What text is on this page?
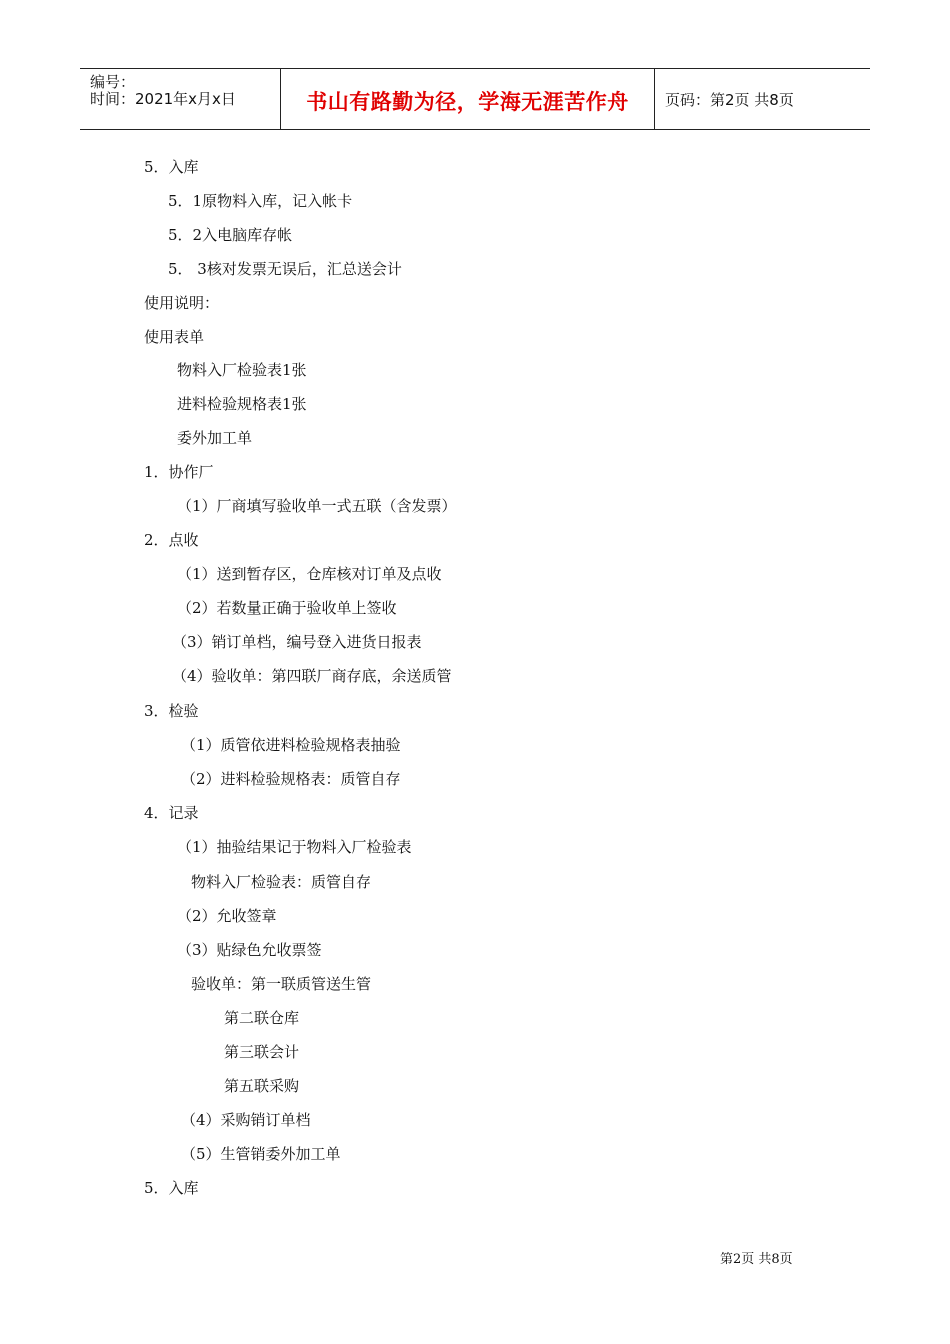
编号：
时间：2021年x月x日	书山有路勤为径，学海无涯苦作舟	页码：第2页 共8页
5．入库
5．1原物料入库，记入帐卡
5．2入电脑库存帐
5． 3核对发票无误后，汇总送会计
使用说明：
使用表单
物料入厂检验表1张
进料检验规格表1张
委外加工单
1．协作厂
（1）厂商填写验收单一式五联（含发票）
2．点收
（1）送到暂存区，仓库核对订单及点收
（2）若数量正确于验收单上签收
（3）销订单档，编号登入进货日报表
（4）验收单：第四联厂商存底，余送质管
3．检验
（1）质管依进料检验规格表抽验
（2）进料检验规格表：质管自存
4．记录
（1）抽验结果记于物料入厂检验表
物料入厂检验表：质管自存
（2）允收签章
（3）贴绿色允收票签
验收单：第一联质管送生管
第二联仓库
第三联会计
第五联采购
（4）采购销订单档
（5）生管销委外加工单
5．入库
第2页 共8页
